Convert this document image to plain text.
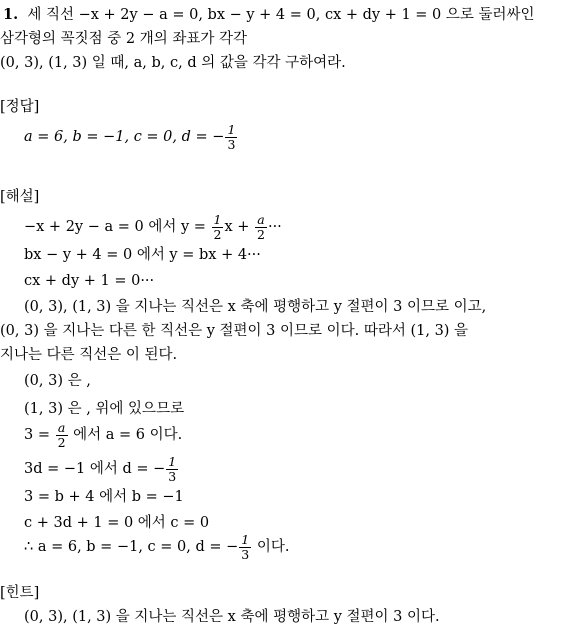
1. 세 직선 −x + 2y − a = 0, bx − y + 4 = 0, cx + dy + 1 = 0 으로 둘러싸인
삼각형의 꼭짓점 중 2 개의 좌표가 각각
(0, 3), (1, 3) 일 때, a, b, c, d 의 값을 각각 구하여라.
[정답]
a = 6, b = −1, c = 0, d = − $\frac{1}{3}$
[해설]
−x + 2y − a = 0 에서 $y = \frac{1}{2}$ $x + \frac{a}{2}$ ···
bx − y + 4 = 0 에서 y = bx + 4···
cx + dy + 1 = 0···
(0, 3), (1, 3) 을 지나는 직선은 x 축에 평행하고 y 절편이 3 이므로 이고,
(0, 3) 을 지나는 다른 한 직선은 y 절편이 3 이므로 이다. 따라서 (1, 3) 을
지나는 다른 직선은 이 된다.
(0, 3) 은 ,
(1, 3) 은 , 위에 있으므로
$3 = \frac{a}{2}$ 에서 a = 6 이다.
3d = −1 에서 d = − $\frac{1}{3}$
3 = b + 4 에서 b = −1
c + 3d + 1 = 0 에서 c = 0
∴ a = 6, b = −1, c = 0, d = − $\frac{1}{3}$ 이다.
[힌트]
(0, 3), (1, 3) 을 지나는 직선은 x 축에 평행하고 y 절편이 3 이다.
